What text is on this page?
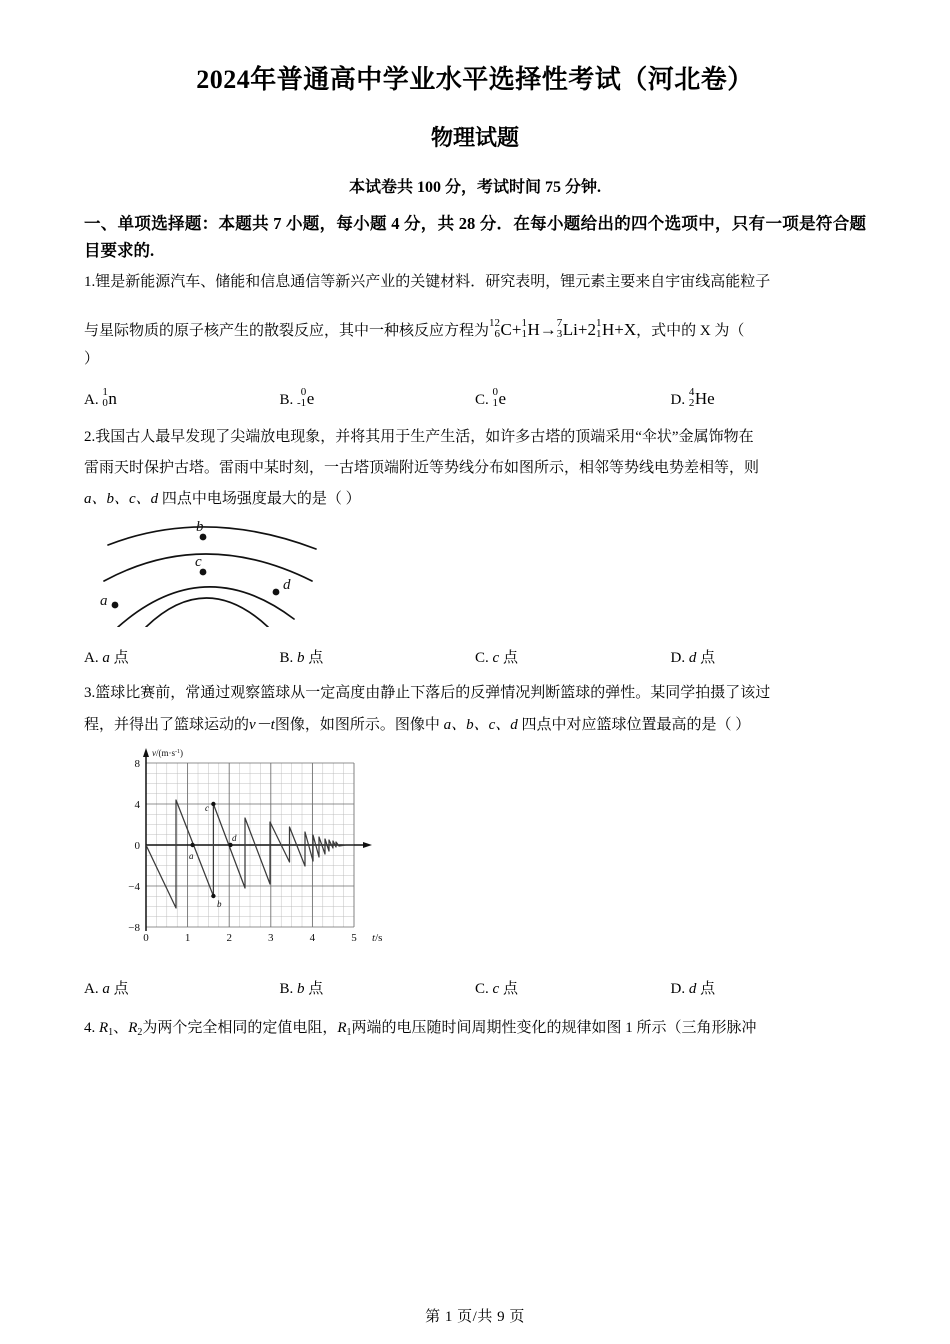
2024年普通高中学业水平选择性考试（河北卷）
物理试题

本试卷共 100 分，考试时间 75 分钟.

一、单项选择题：本题共 7 小题，每小题 4 分，共 28 分．在每小题给出的四个选项中，只有一项是符合题目要求的.

1.锂是新能源汽车、储能和信息通信等新兴产业的关键材料．研究表明，锂元素主要来自宇宙线高能粒子

与星际物质的原子核产生的散裂反应，其中一种核反应方程为 12
6 C+ 1
1 H→ 7
3 Li+2 1
1 H+X，式中的 X 为（

）

A. 1
0 n	B. 0
-1 e	C. 0
1 e	D. 4
2 He

2.我国古人最早发现了尖端放电现象，并将其用于生产生活，如许多古塔的顶端采用“伞状”金属饰物在

雷雨天时保护古塔。雷雨中某时刻，一古塔顶端附近等势线分布如图所示，相邻等势线电势差相等，则

a、b、c、d 四点中电场强度最大的是（ ）

a
b
c
d
A. a 点	B. b 点	C. c 点	D. d 点

3.篮球比赛前，常通过观察篮球从一定高度由静止下落后的反弹情况判断篮球的弹性。某同学拍摄了该过

程，并得出了篮球运动的v－t图像，如图所示。图像中 a、b、c、d 四点中对应篮球位置最高的是（ ）

$v/(m\cdot s^{-1})$
t/s
8
4
0
−4
−8
0	1	2	3	4	5
a
b
c
d
A. a 点	B. b 点	C. c 点	D. d 点

4. $R_1$、$R_2$为两个完全相同的定值电阻，$R_1$两端的电压随时间周期性变化的规律如图 1 所示（三角形脉冲

第 1 页/共 9 页
